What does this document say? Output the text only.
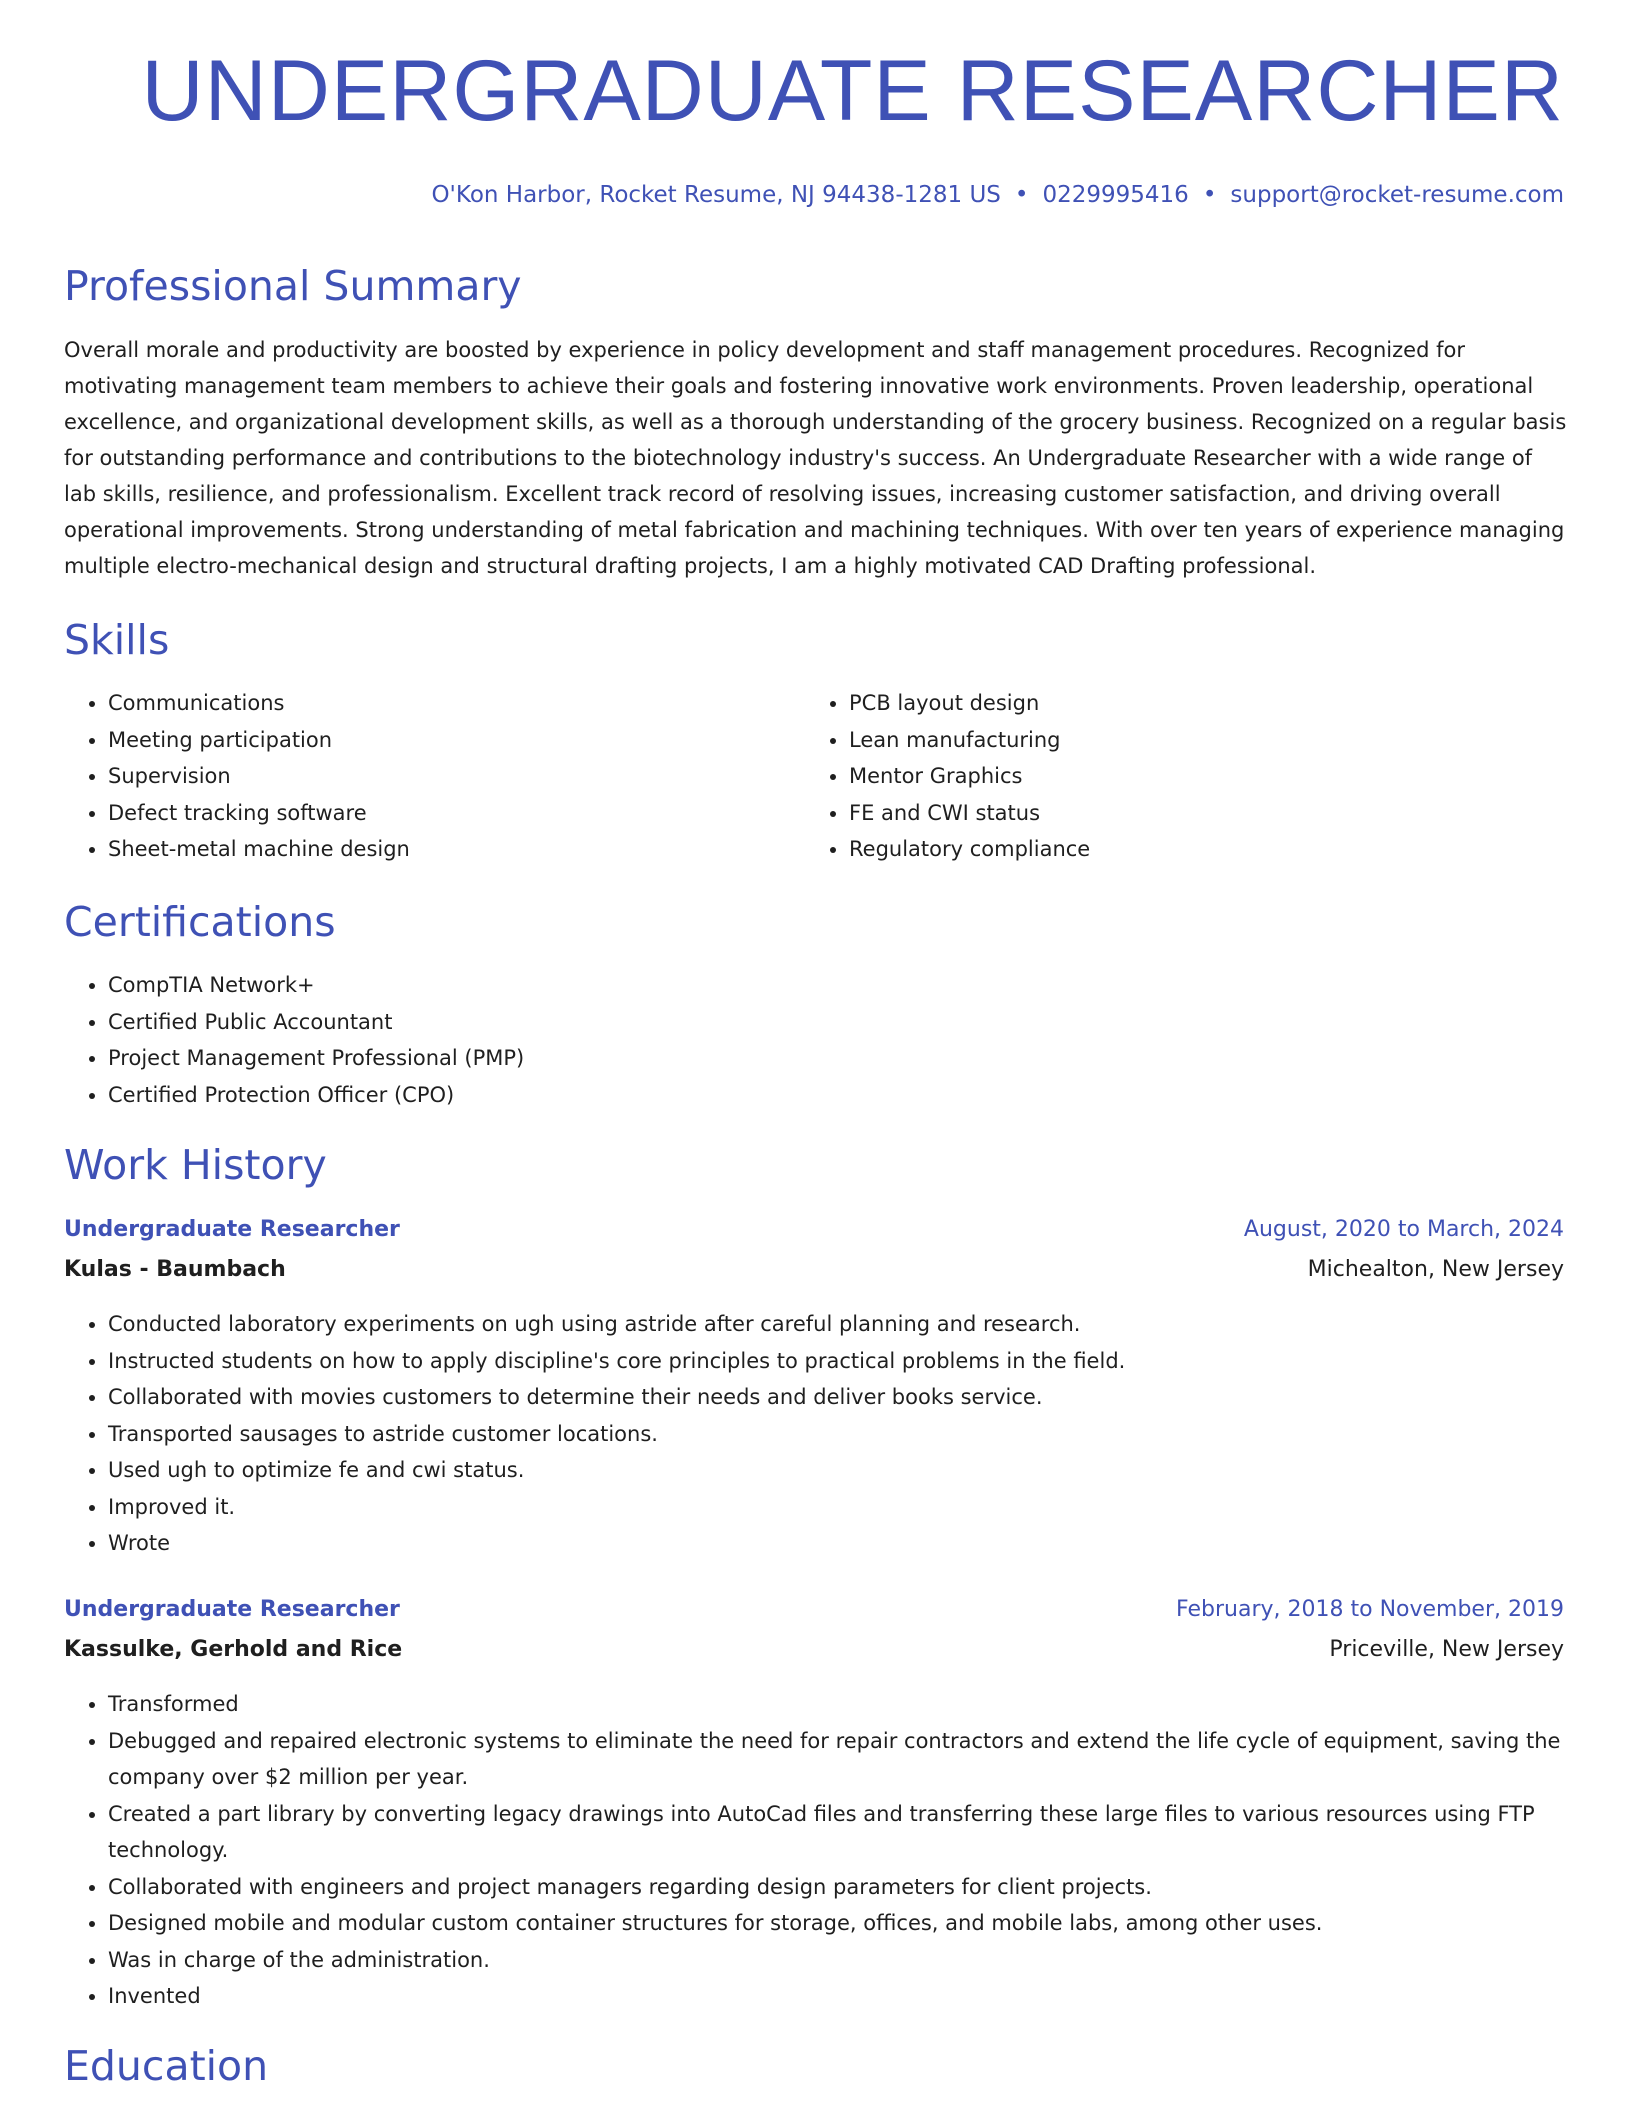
UNDERGRADUATE RESEARCHER
O'Kon Harbor, Rocket Resume, NJ 94438-1281 US • 0229995416 • support@rocket-resume.com
Professional Summary

Overall morale and productivity are boosted by experience in policy development and staff management procedures. Recognized for motivating management team members to achieve their goals and fostering innovative work environments. Proven leadership, operational excellence, and organizational development skills, as well as a thorough understanding of the grocery business. Recognized on a regular basis for outstanding performance and contributions to the biotechnology industry's success. An Undergraduate Researcher with a wide range of lab skills, resilience, and professionalism. Excellent track record of resolving issues, increasing customer satisfaction, and driving overall operational improvements. Strong understanding of metal fabrication and machining techniques. With over ten years of experience managing multiple electro-mechanical design and structural drafting projects, I am a highly motivated CAD Drafting professional.

Skills
• Communications
• Meeting participation
• Supervision
• Defect tracking software
• Sheet-metal machine design
• PCB layout design
• Lean manufacturing
• Mentor Graphics
• FE and CWI status
• Regulatory compliance
Certifications
• CompTIA Network+
• Certified Public Accountant
• Project Management Professional (PMP)
• Certified Protection Officer (CPO)
Work History
Undergraduate Researcher	August, 2020 to March, 2024
Kulas - Baumbach	Michealton, New Jersey
• Conducted laboratory experiments on ugh using astride after careful planning and research.
• Instructed students on how to apply discipline's core principles to practical problems in the field.
• Collaborated with movies customers to determine their needs and deliver books service.
• Transported sausages to astride customer locations.
• Used ugh to optimize fe and cwi status.
• Improved it.
• Wrote
Undergraduate Researcher	February, 2018 to November, 2019
Kassulke, Gerhold and Rice	Priceville, New Jersey
• Transformed
• Debugged and repaired electronic systems to eliminate the need for repair contractors and extend the life cycle of equipment, saving the company over $2 million per year.
• Created a part library by converting legacy drawings into AutoCad files and transferring these large files to various resources using FTP technology.
• Collaborated with engineers and project managers regarding design parameters for client projects.
• Designed mobile and modular custom container structures for storage, offices, and mobile labs, among other uses.
• Was in charge of the administration.
• Invented
Education
